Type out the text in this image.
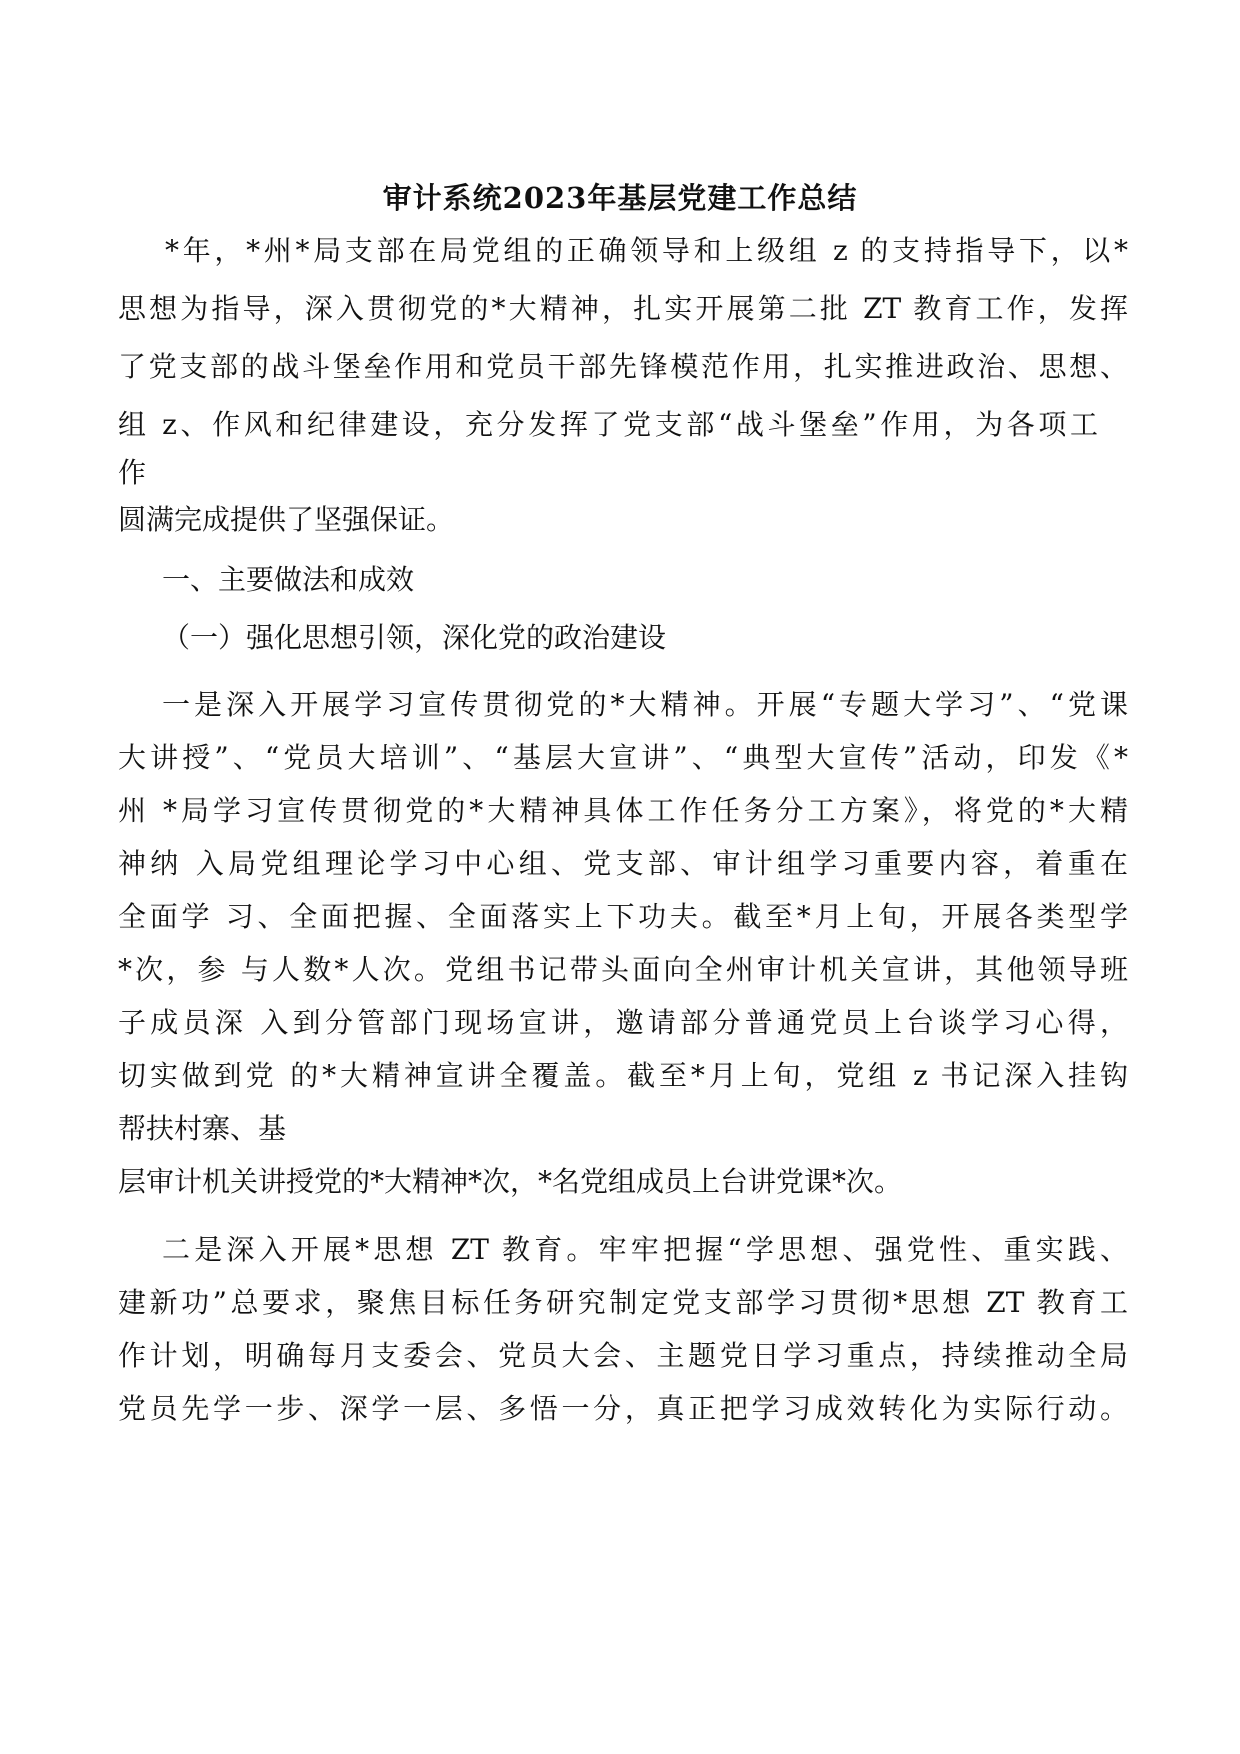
审计系统2023年基层党建工作总结
*年，*州*局支部在局党组的正确领导和上级组 z 的支持指导下，以*
思想为指导，深入贯彻党的*大精神，扎实开展第二批 ZT 教育工作，发挥
了党支部的战斗堡垒作用和党员干部先锋模范作用，扎实推进政治、思想、
组 z、作风和纪律建设，充分发挥了党支部“战斗堡垒”作用，为各项工
作
圆满完成提供了坚强保证。
一、主要做法和成效
（一）强化思想引领，深化党的政治建设
一是深入开展学习宣传贯彻党的*大精神。开展“专题大学习”、“党课
大讲授”、“党员大培训”、“基层大宣讲”、“典型大宣传”活动，印发《*
州 *局学习宣传贯彻党的*大精神具体工作任务分工方案》，将党的*大精
神纳 入局党组理论学习中心组、党支部、审计组学习重要内容，着重在
全面学 习、全面把握、全面落实上下功夫。截至*月上旬，开展各类型学
*次，参 与人数*人次。党组书记带头面向全州审计机关宣讲，其他领导班
子成员深 入到分管部门现场宣讲，邀请部分普通党员上台谈学习心得，
切实做到党 的*大精神宣讲全覆盖。截至*月上旬，党组 z 书记深入挂钩
帮扶村寨、基
层审计机关讲授党的*大精神*次，*名党组成员上台讲党课*次。
二是深入开展*思想 ZT 教育。牢牢把握“学思想、强党性、重实践、
建新功”总要求，聚焦目标任务研究制定党支部学习贯彻*思想 ZT 教育工
作计划，明确每月支委会、党员大会、主题党日学习重点，持续推动全局
党员先学一步、深学一层、多悟一分，真正把学习成效转化为实际行动。
